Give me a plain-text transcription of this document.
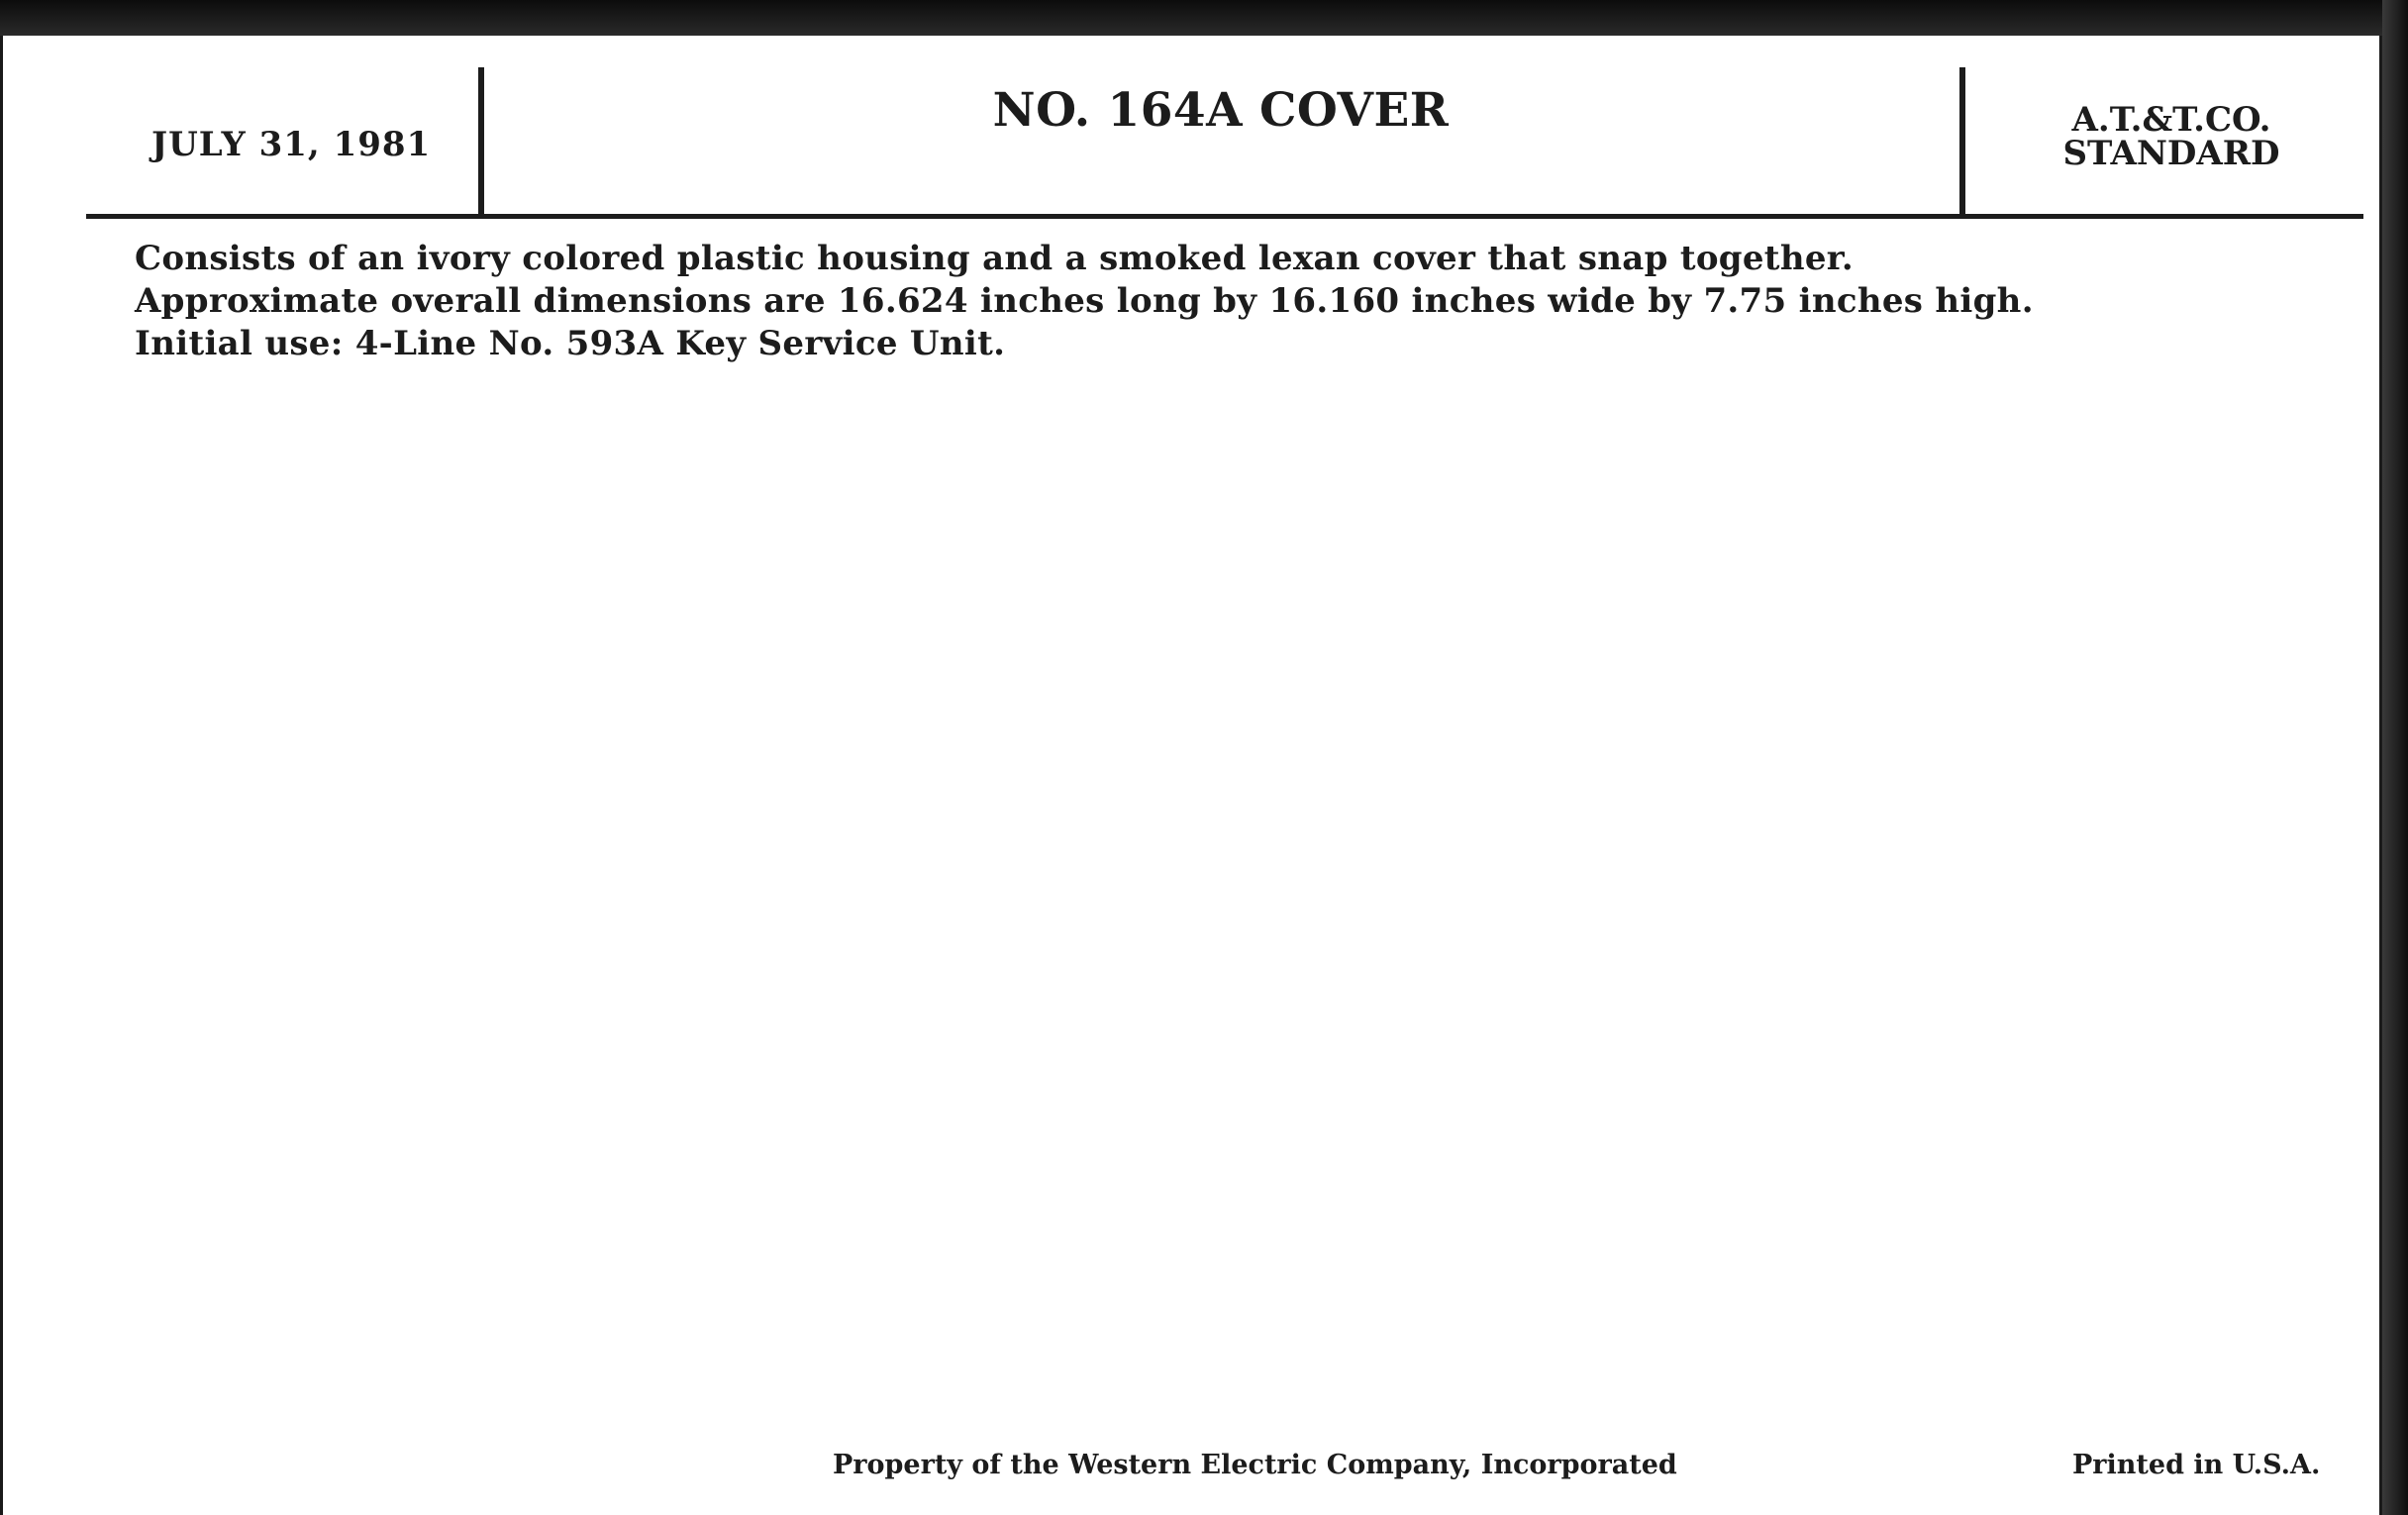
JULY 31, 1981
NO. 164A COVER	A.T.&T.CO.
STANDARD
Consists of an ivory colored plastic housing and a smoked lexan cover that snap together.
Approximate overall dimensions are 16.624 inches long by 16.160 inches wide by 7.75 inches high.
Initial use: 4-Line No. 593A Key Service Unit.
Property of the Western Electric Company, Incorporated	Printed in U.S.A.
